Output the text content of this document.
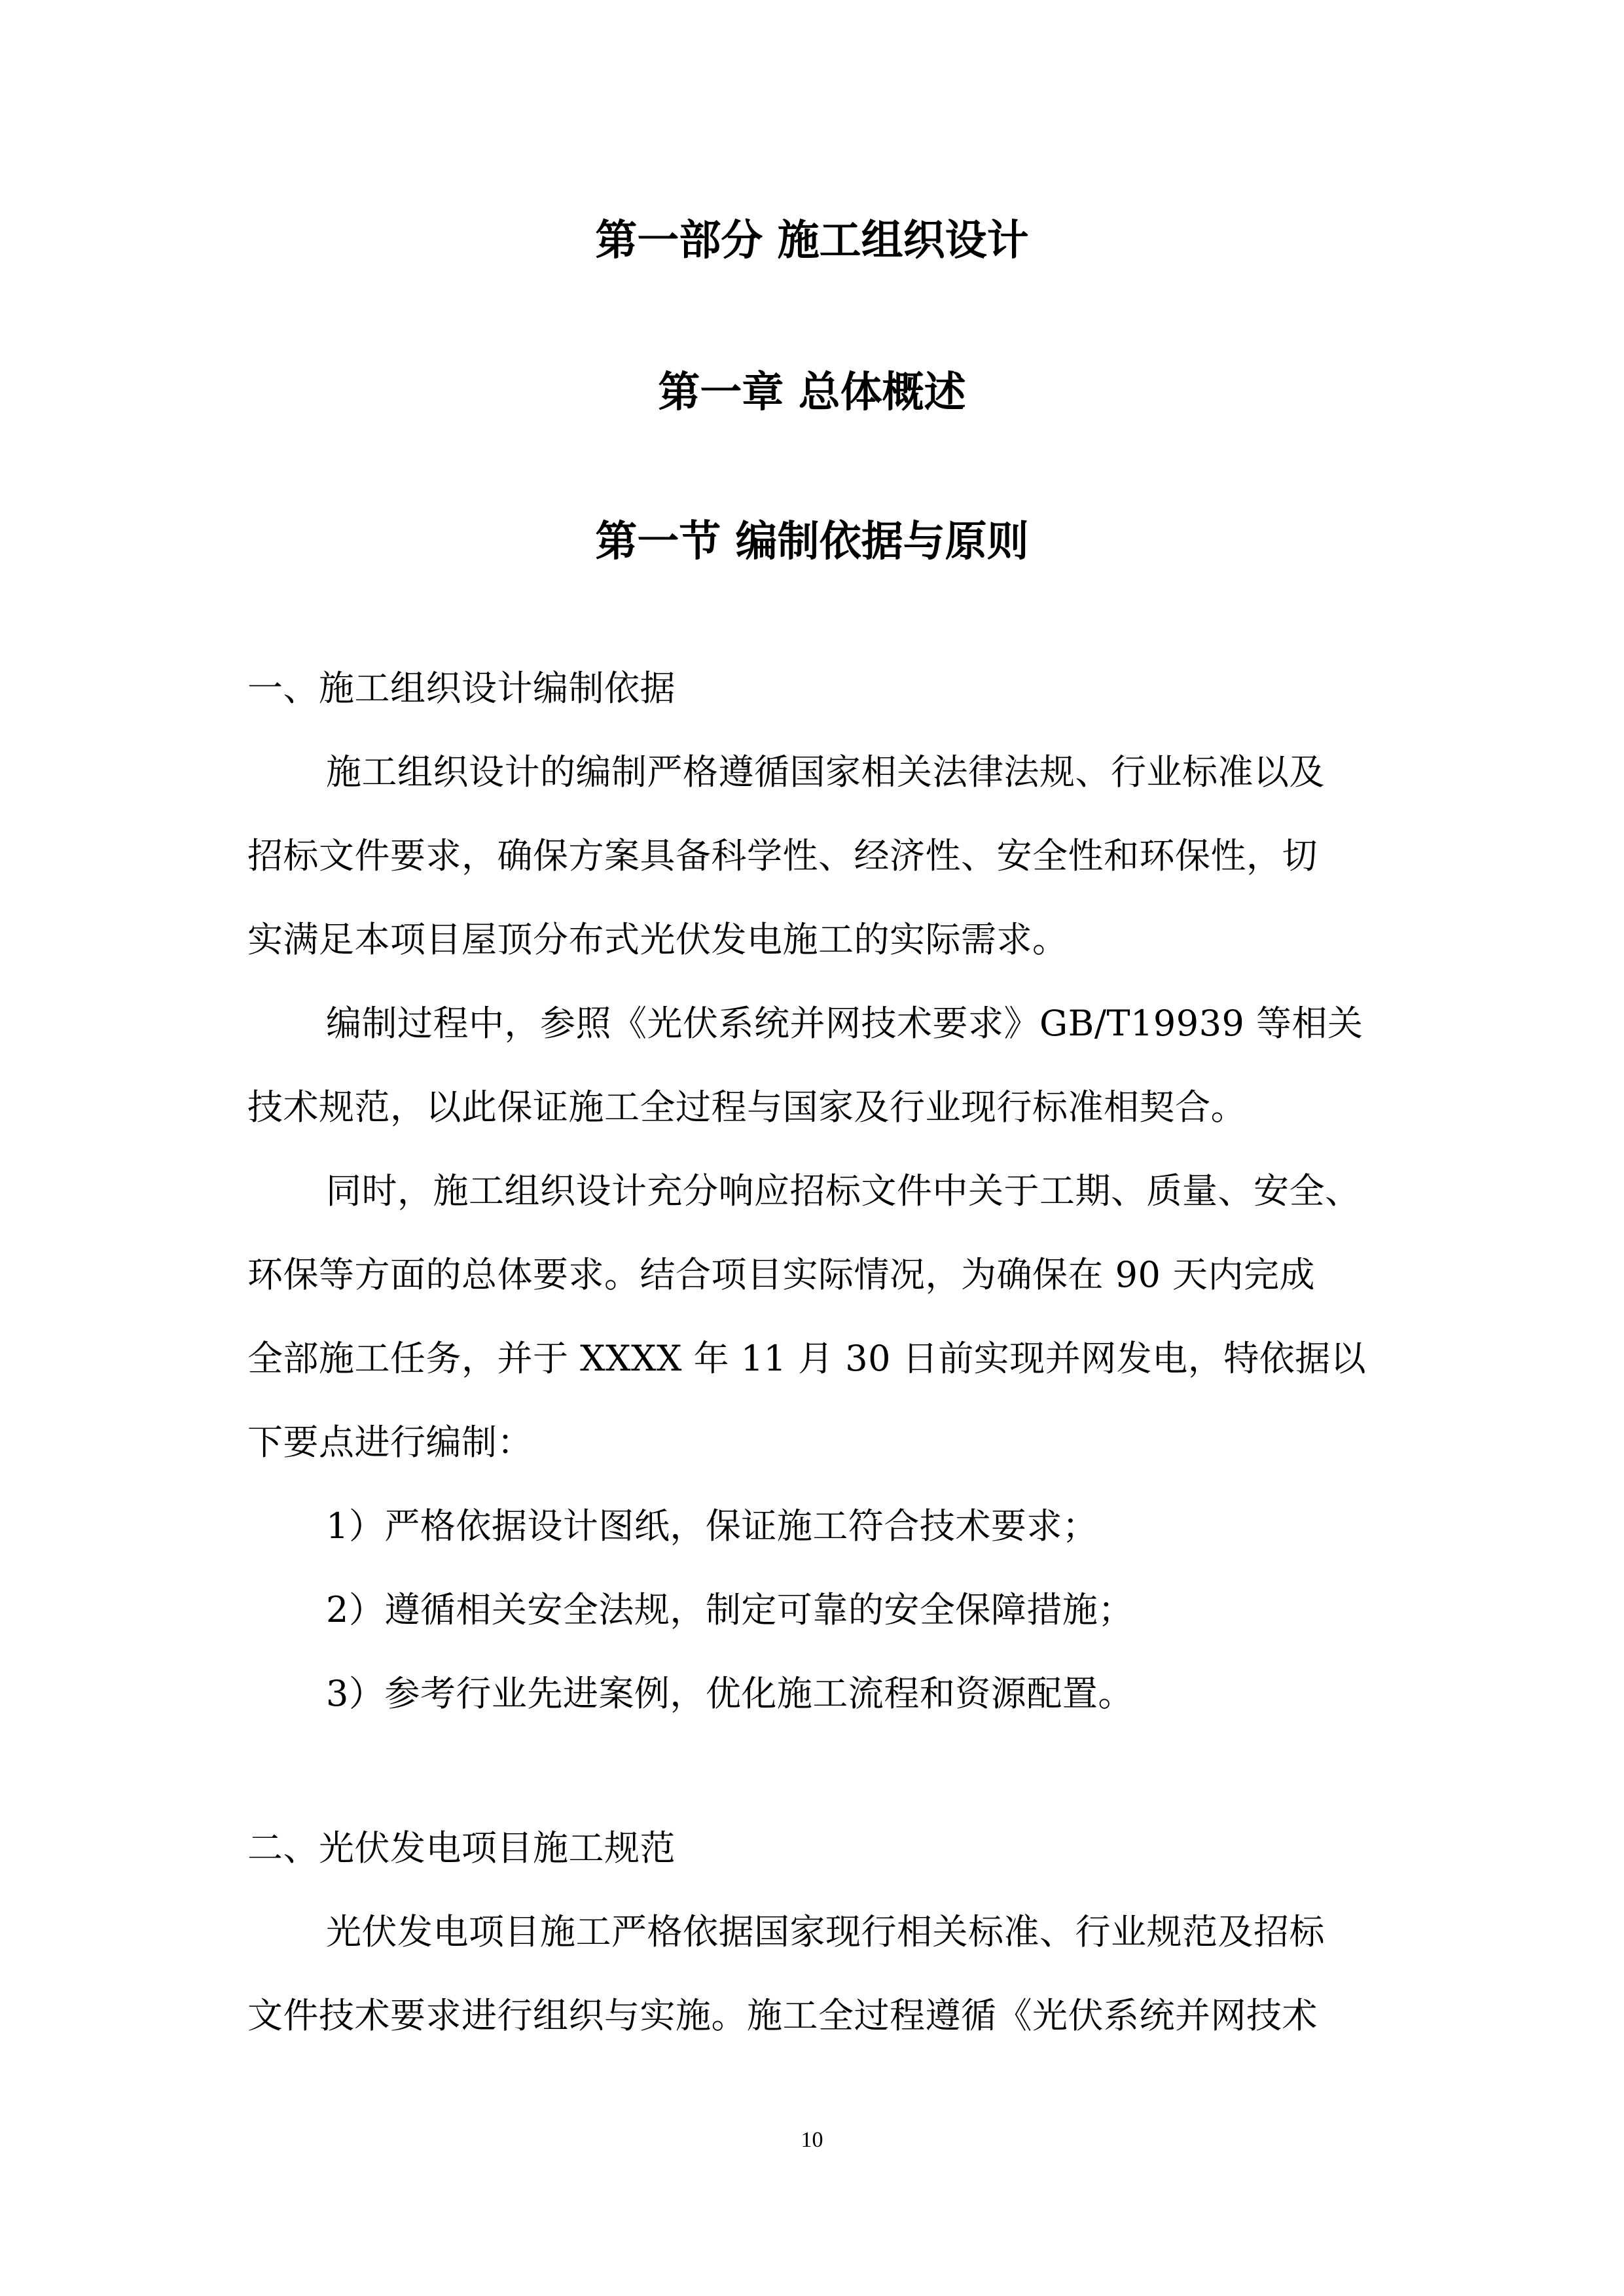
第一部分 施工组织设计
第一章 总体概述
第一节 编制依据与原则
一、施工组织设计编制依据
施工组织设计的编制严格遵循国家相关法律法规、行业标准以及
招标文件要求，确保方案具备科学性、经济性、安全性和环保性，切
实满足本项目屋顶分布式光伏发电施工的实际需求。
编制过程中，参照《光伏系统并网技术要求》GB/T19939 等相关
技术规范，以此保证施工全过程与国家及行业现行标准相契合。
同时，施工组织设计充分响应招标文件中关于工期、质量、安全、
环保等方面的总体要求。结合项目实际情况，为确保在 90 天内完成
全部施工任务，并于 XXXX 年 11 月 30 日前实现并网发电，特依据以
下要点进行编制：
1）严格依据设计图纸，保证施工符合技术要求；
2）遵循相关安全法规，制定可靠的安全保障措施；
3）参考行业先进案例，优化施工流程和资源配置。
二、光伏发电项目施工规范
光伏发电项目施工严格依据国家现行相关标准、行业规范及招标
文件技术要求进行组织与实施。施工全过程遵循《光伏系统并网技术
10
